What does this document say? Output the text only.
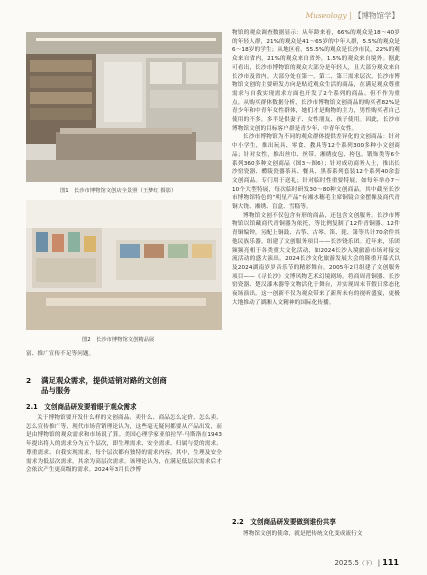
Museology | 【博物馆学】
图1　长沙市博物馆文创店全景照（王梦红 摄影）
图2　长沙市博物馆文创精品展
富、推广宣传不足等问题。
2 满足观众需求，提供适销对路的文创商
品与服务
2.1　文创商品研发要看眼于观众需求
关于博物馆要开发什么样的文创商品、卖什么、商品怎么定价、怎么卖、怎么宣传推广等，现代市场营销理论认为，这些毫无疑问都要从产品出发，而是由博物馆的观众需求和市场说了算。美国心理学家亚伯拉罕·马斯洛在1943年提出将人的需求分为五个层次，即生理需求、安全需求、归属与爱的需求、尊重需求、自我实现需求，每个层次都有独特的需求内容。其中，生理及安全需求为低层次需求，其余为高层次需求。该理论认为，在满足低层次需求后才会依次产生更高级的需求。2024年3月长沙博

物馆的观众调查数据显示：从年龄来看，66%的观众是18～40岁的年轻人群，21%的观众是41～65岁的中年人群，5.5%的观众是6～18岁的学生；从地区看，55.5%的观众是长沙市民，22%的观众来自省内，21%的观众来自省外，1.5%的观众来自境外。据此可看出，长沙市博物馆的观众大部分是年轻人，且大部分观众来自长沙市及省内。大部分处在第一、第二、第三需求层次。长沙市博物馆文创的主要研发方向是贴近观众生活的商品，在满足观众尊重需求与自我实现需求方面也开发了2个系列的商品。但不作为重点。从购买群体数据分析，长沙市博物馆文创商品的购买者82%是青少年和中青年女性群体，她们才是购物的主力，男性购买者自己使用的不多，多半是供妻子、女性朋友、孩子使用。因此，长沙市博物馆文创的目标客户群是青少年、中青年女性。

长沙市博物馆为不同的观众群体提供差异化的文创商品：针对中小学生，推出玩具、零食、教具等12个系列300多种小文创商品；针对女性，推出丝巾、丝带、湘绣皮包、挎包、锻饰类等6个系列360多种文创商品（图3～图6）；针对成功商务人士，推出长沙窑瓷器、醴陵瓷器茶具、餐具、黑茶系列套装12个系列40余套文创商品。专门用于送礼；针对临时性重要特展，如每年举办7～10个大型特展，每次临时研发30～80种文创商品。其中截至长沙市博物馆特色的“明星产品”有湘水穗毛主席铜镜合金摆像及商代青铜大铙、湘绣、盲盒、雪糕等。

博物馆文创不仅包含有形的商品，还包含文创服务。长沙市博物馆以馆藏商代青铜器为依托，等比例复制了12件青铜器、12件青铜编钟，另配上铜鼓、古筝、古琴、笛、琵、箫等共计70余件其他民族乐器，组建了文创服务项目——长沙铙乐团。近年来，乐团频频亮相于各类重大文化活动，如2024长沙入境旅游市场对接交流活动的盛大演出，2024长沙文化旅游发展大会的隆重开幕式以及2024湖南岁岁音乐节的精彩舞台。2005年2月组建了文创服务项目——《寻长沙》文博风物艺术幻境剧场。将商周青铜器、长沙窑瓷器、楚汉漆木器等文物活化于舞台，并实现周末节假日常态化夜场演出。这一创新不仅为观众带来了新所未有的视听盛宴，更极大地推动了湖湘人文精神的国际化传播。

2.2　文创商品研发要做到谁份共享
博物馆文创的使命，就是把传统文化变成流行文
2025.5（下） | 111
